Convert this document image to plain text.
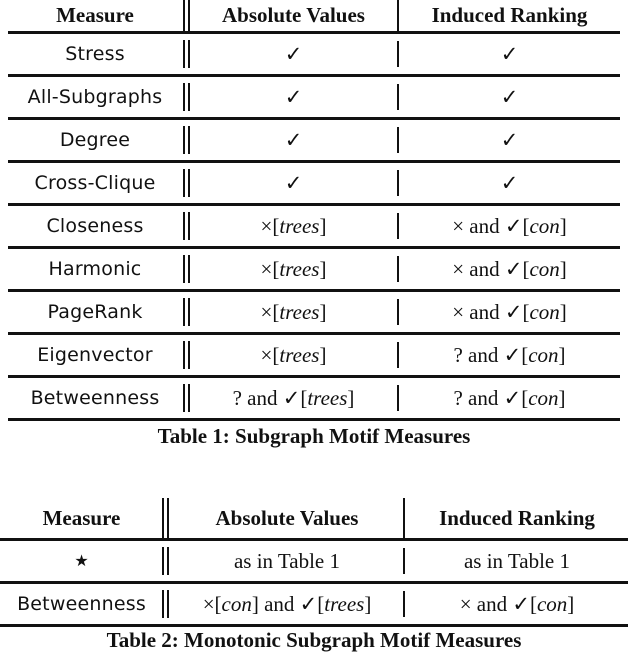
Measure	Absolute Values	Induced Ranking
Stress	✓	✓
All-Subgraphs	✓	✓
Degree	✓	✓
Cross-Clique	✓	✓
Closeness	×[ trees ]	× and ✓[ con ]
Harmonic	×[ trees ]	× and ✓[ con ]
PageRank	×[ trees ]	× and ✓[ con ]
Eigenvector	×[ trees ]	? and ✓[ con ]
Betweenness	? and ✓[ trees ]	? and ✓[ con ]
Table 1: Subgraph Motif Measures
Measure	Absolute Values	Induced Ranking
★	as in Table 1	as in Table 1
Betweenness	×[ con ] and ✓[ trees ]	× and ✓[ con ]
Table 2: Monotonic Subgraph Motif Measures
